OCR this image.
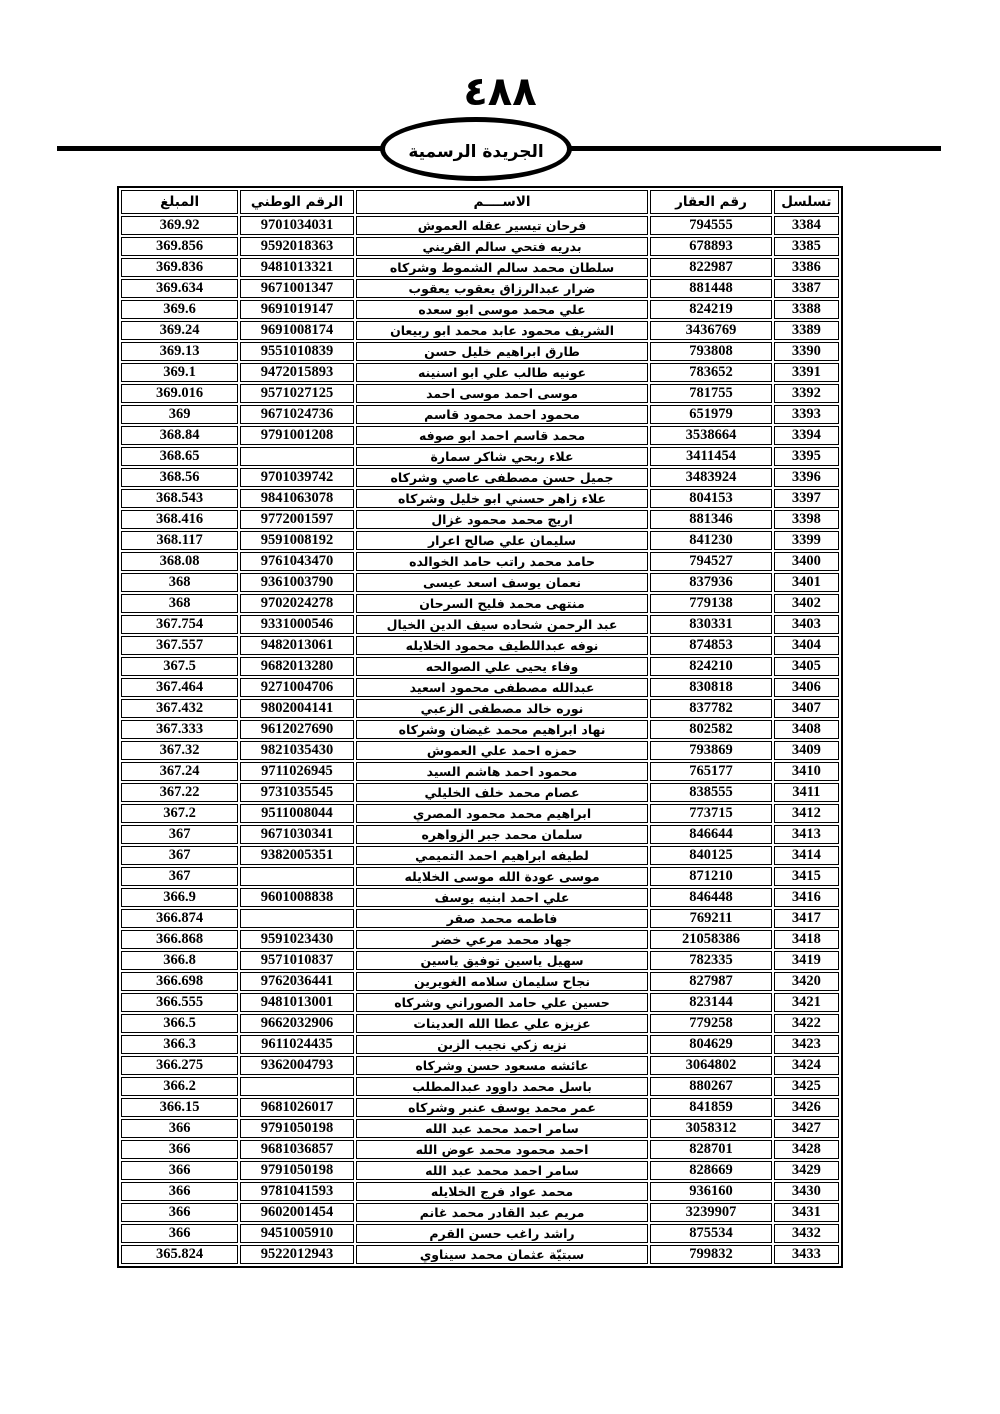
٤٨٨
الجريدة الرسمية
تسلسل	رقم العقار	الاســــم	الرقم الوطني	المبلغ
3384	794555	فرحان تيسير عقله العموش	9701034031	369.92
3385	678893	بدريه فتحي سالم القريني	9592018363	369.856
3386	822987	سلطان محمد سالم الشموط وشركاه	9481013321	369.836
3387	881448	ضرار عبدالرزاق يعقوب يعقوب	9671001347	369.634
3388	824219	علي محمد موسى ابو سعده	9691019147	369.6
3389	3436769	الشريف محمود عابد محمد ابو ربيعان	9691008174	369.24
3390	793808	طارق ابراهيم خليل حسن	9551010839	369.13
3391	783652	عونيه طالب علي ابو اسنينه	9472015893	369.1
3392	781755	موسى احمد موسى احمد	9571027125	369.016
3393	651979	محمود احمد محمود قاسم	9671024736	369
3394	3538664	محمد قاسم احمد ابو صوفه	9791001208	368.84
3395	3411454	علاء ربحي شاكر سمارة		368.65
3396	3483924	جميل حسن مصطفى عاصي وشركاه	9701039742	368.56
3397	804153	علاء زاهر حسني ابو خليل وشركاه	9841063078	368.543
3398	881346	اريج محمد محمود غزال	9772001597	368.416
3399	841230	سليمان علي صالح اعرار	9591008192	368.117
3400	794527	حامد محمد راتب حامد الخوالده	9761043470	368.08
3401	837936	نعمان يوسف اسعد عيسى	9361003790	368
3402	779138	منتهى محمد فليح السرحان	9702024278	368
3403	830331	عبد الرحمن شحاده سيف الدين الخيال	9331000546	367.754
3404	874853	نوفه عبداللطيف محمود الخلايله	9482013061	367.557
3405	824210	وفاء يحيى علي الصوالحه	9682013280	367.5
3406	830818	عبدالله مصطفى محمود اسعيد	9271004706	367.464
3407	837782	نوره خالد مصطفى الزعبي	9802004141	367.432
3408	802582	نهاد ابراهيم محمد غيضان وشركاه	9612027690	367.333
3409	793869	حمزه احمد علي العموش	9821035430	367.32
3410	765177	محمود احمد هاشم السيد	9711026945	367.24
3411	838555	عصام محمد خلف الخليلي	9731035545	367.22
3412	773715	ابراهيم محمد محمود المصري	9511008044	367.2
3413	846644	سلمان محمد جبر الزواهره	9671030341	367
3414	840125	لطيفه ابراهيم احمد التميمي	9382005351	367
3415	871210	موسى عودة الله موسى الخلايله		367
3416	846448	علي احمد ابنيه يوسف	9601008838	366.9
3417	769211	فاطمه محمد صقر		366.874
3418	21058386	جهاد محمد مرعي خضر	9591023430	366.868
3419	782335	سهيل ياسين توفيق ياسين	9571010837	366.8
3420	827987	نجاح سليمان سلامه الغويرين	9762036441	366.698
3421	823144	حسين علي حامد الصوراني وشركاه	9481013001	366.555
3422	779258	عزيزه علي عطا الله العدينات	9662032906	366.5
3423	804629	نزيه زكي نجيب الزبن	9611024435	366.3
3424	3064802	عائشه مسعود حسن وشركاه	9362004793	366.275
3425	880267	باسل محمد داوود عبدالمطلب		366.2
3426	841859	عمر محمد يوسف عنبر وشركاه	9681026017	366.15
3427	3058312	سامر احمد محمد عبد الله	9791050198	366
3428	828701	احمد محمود محمد عوض الله	9681036857	366
3429	828669	سامر احمد محمد عبد الله	9791050198	366
3430	936160	محمد عواد فرج الخلايله	9781041593	366
3431	3239907	مريم عبد القادر محمد غانم	9602001454	366
3432	875534	راشد راغب حسن القرم	9451005910	366
3433	799832	سبتيّة عثمان محمد سيناوي	9522012943	365.824
